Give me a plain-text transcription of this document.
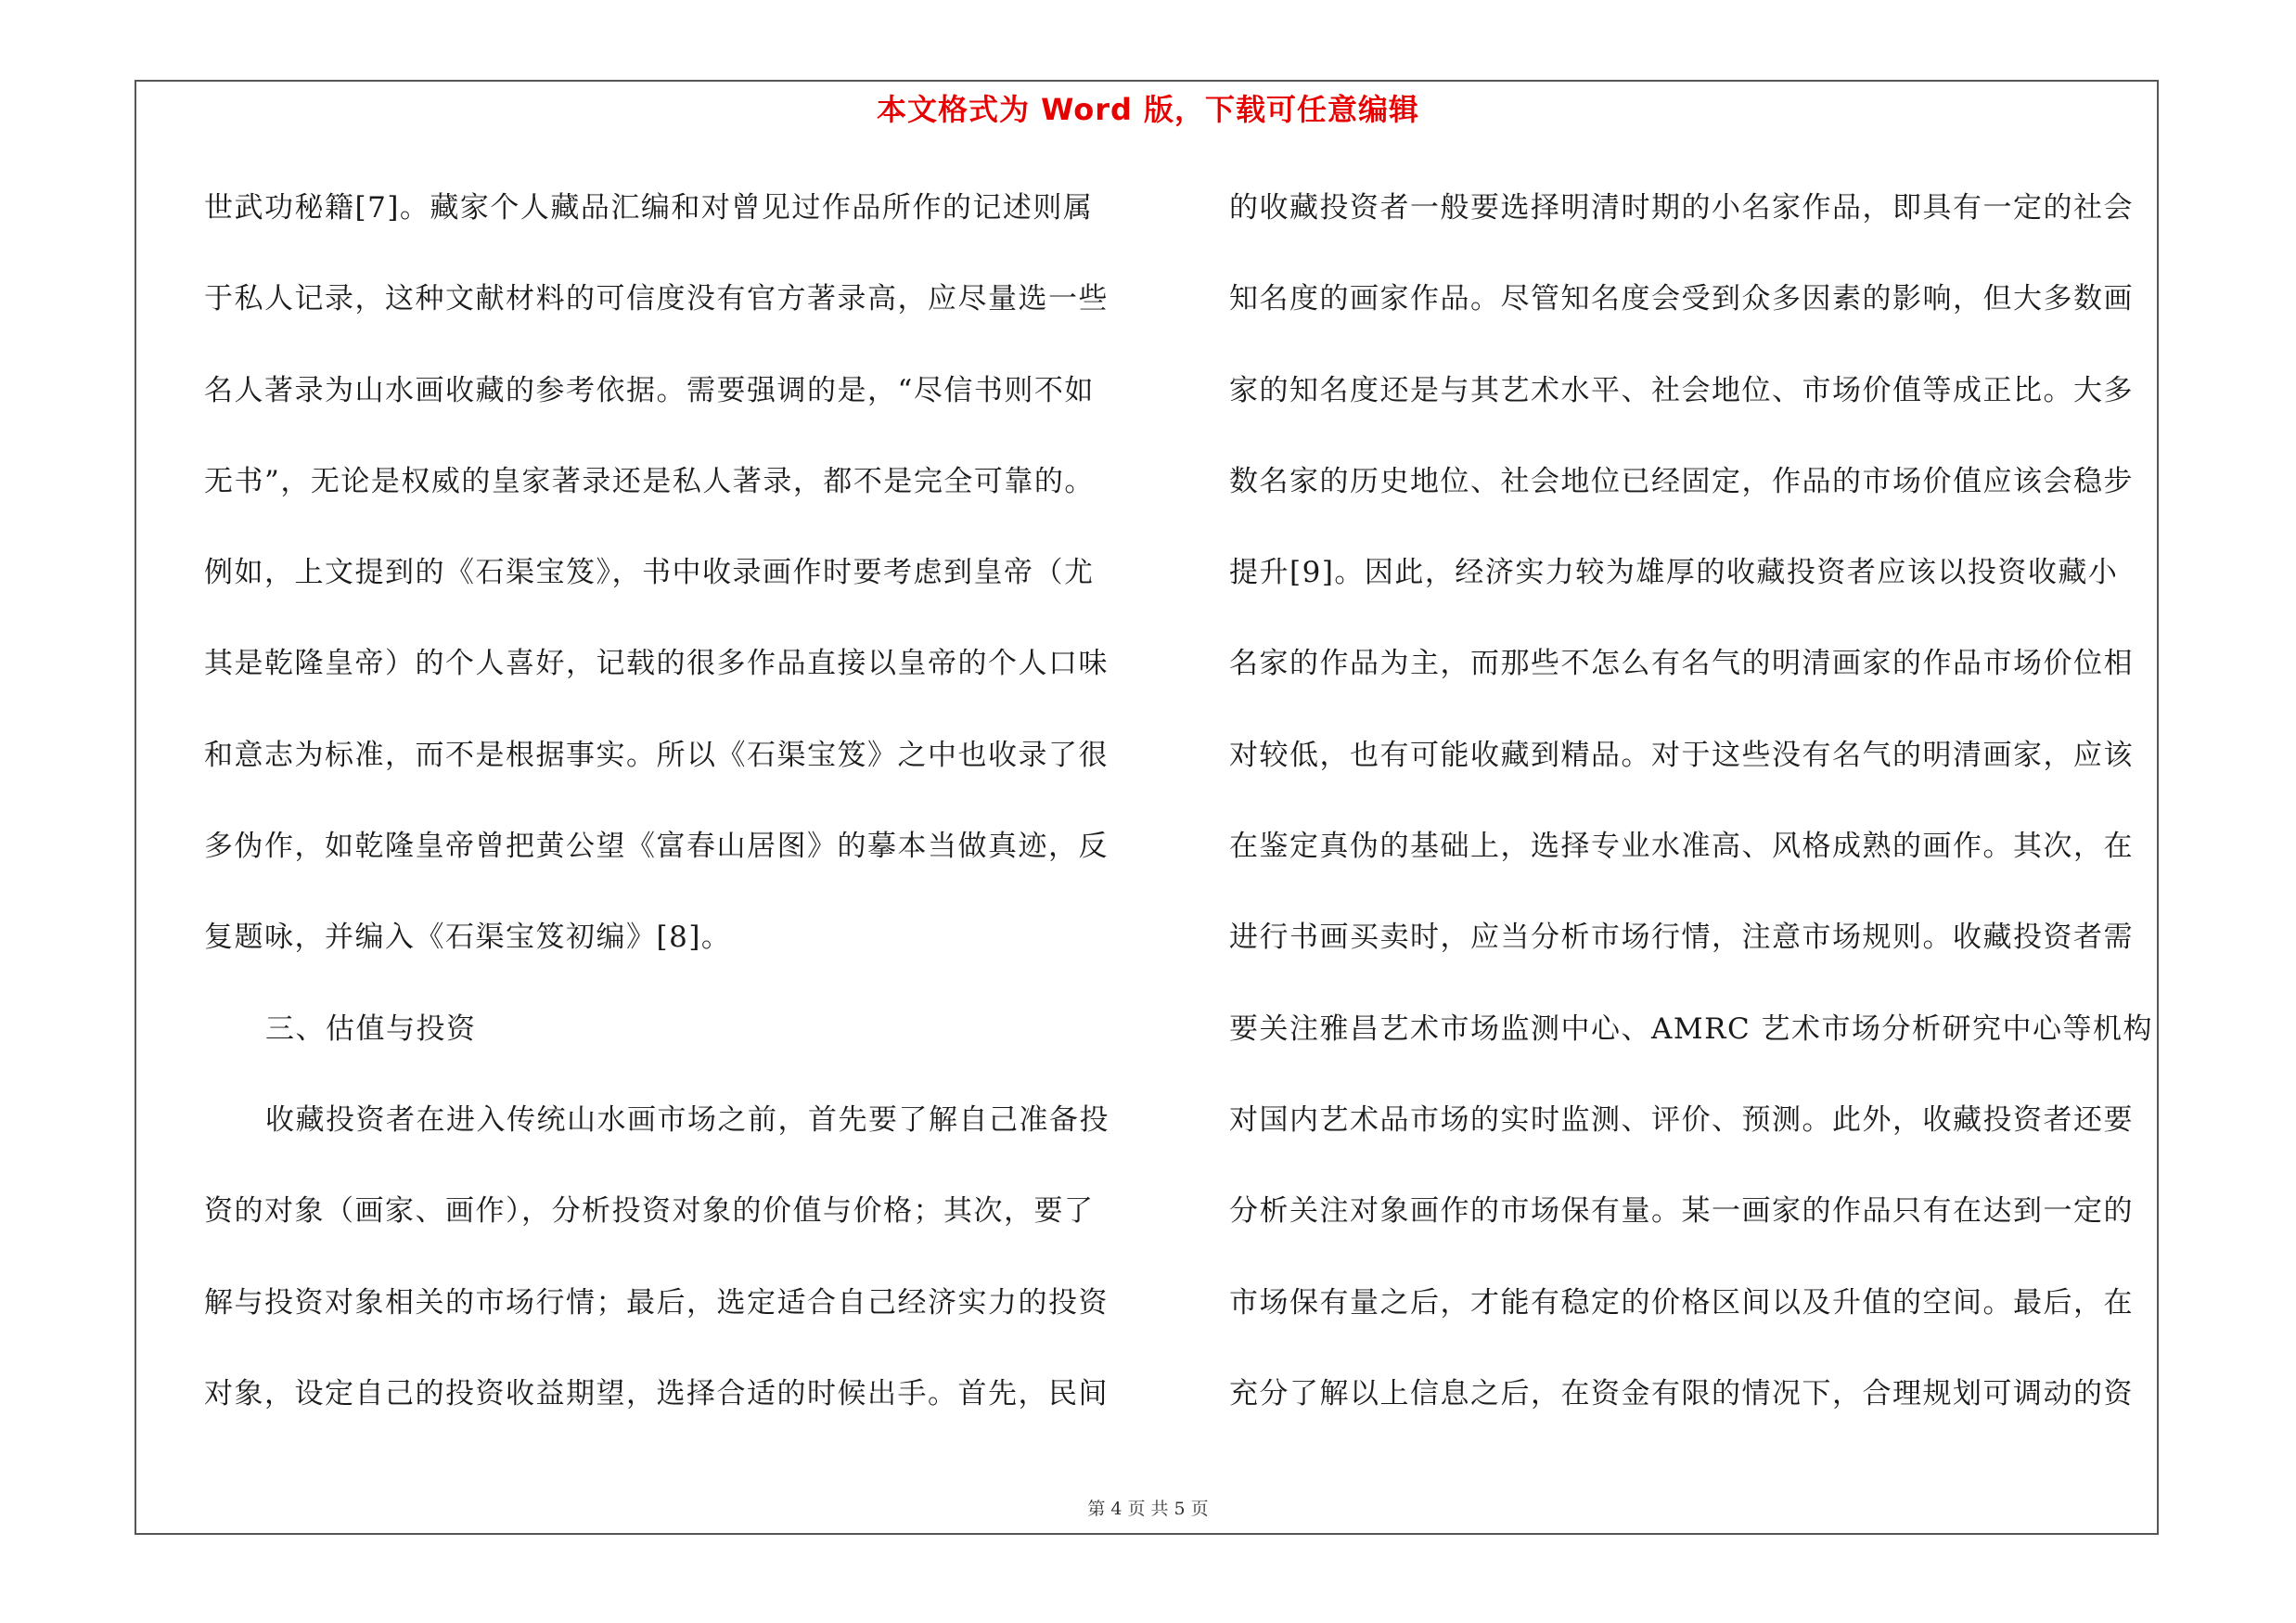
本文格式为 Word 版，下载可任意编辑
世武功秘籍[7]。藏家个人藏品汇编和对曾见过作品所作的记述则属
于私人记录，这种文献材料的可信度没有官方著录高，应尽量选一些
名人著录为山水画收藏的参考依据。需要强调的是，“尽信书则不如
无书”，无论是权威的皇家著录还是私人著录，都不是完全可靠的。
例如，上文提到的《石渠宝笈》，书中收录画作时要考虑到皇帝（尤
其是乾隆皇帝）的个人喜好，记载的很多作品直接以皇帝的个人口味
和意志为标准，而不是根据事实。所以《石渠宝笈》之中也收录了很
多伪作，如乾隆皇帝曾把黄公望《富春山居图》的摹本当做真迹，反
复题咏，并编入《石渠宝笈初编》[8]。
三、估值与投资
收藏投资者在进入传统山水画市场之前，首先要了解自己准备投
资的对象（画家、画作），分析投资对象的价值与价格；其次，要了
解与投资对象相关的市场行情；最后，选定适合自己经济实力的投资
对象，设定自己的投资收益期望，选择合适的时候出手。首先，民间
的收藏投资者一般要选择明清时期的小名家作品，即具有一定的社会
知名度的画家作品。尽管知名度会受到众多因素的影响，但大多数画
家的知名度还是与其艺术水平、社会地位、市场价值等成正比。大多
数名家的历史地位、社会地位已经固定，作品的市场价值应该会稳步
提升[9]。因此，经济实力较为雄厚的收藏投资者应该以投资收藏小
名家的作品为主，而那些不怎么有名气的明清画家的作品市场价位相
对较低，也有可能收藏到精品。对于这些没有名气的明清画家，应该
在鉴定真伪的基础上，选择专业水准高、风格成熟的画作。其次，在
进行书画买卖时，应当分析市场行情，注意市场规则。收藏投资者需
要关注雅昌艺术市场监测中心、AMRC 艺术市场分析研究中心等机构
对国内艺术品市场的实时监测、评价、预测。此外，收藏投资者还要
分析关注对象画作的市场保有量。某一画家的作品只有在达到一定的
市场保有量之后，才能有稳定的价格区间以及升值的空间。最后，在
充分了解以上信息之后，在资金有限的情况下，合理规划可调动的资
第 4 页 共 5 页
